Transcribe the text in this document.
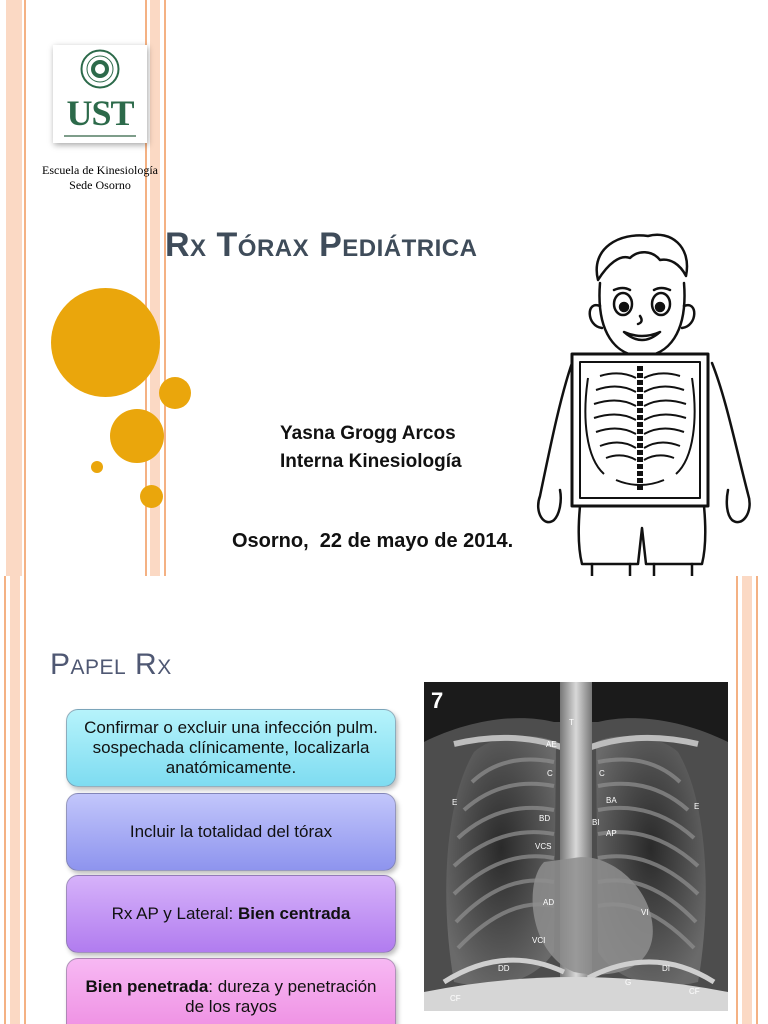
UST
Escuela de Kinesiología
Sede Osorno
Rx Tórax Pediátrica
Yasna Grogg Arcos
Interna Kinesiología
Osorno,  22 de mayo de 2014.
Papel Rx
Confirmar o excluir una infección pulm. sospechada clínicamente, localizarla anatómicamente.
Incluir la totalidad del tórax
Rx AP y Lateral: Bien centrada
Bien penetrada: dureza y penetración de los rayos
7
T
AE
C	C
E	E
BA
BD	BI
AP
VCS
AD
VI
VCI
DD	DI
G
CF
CF
